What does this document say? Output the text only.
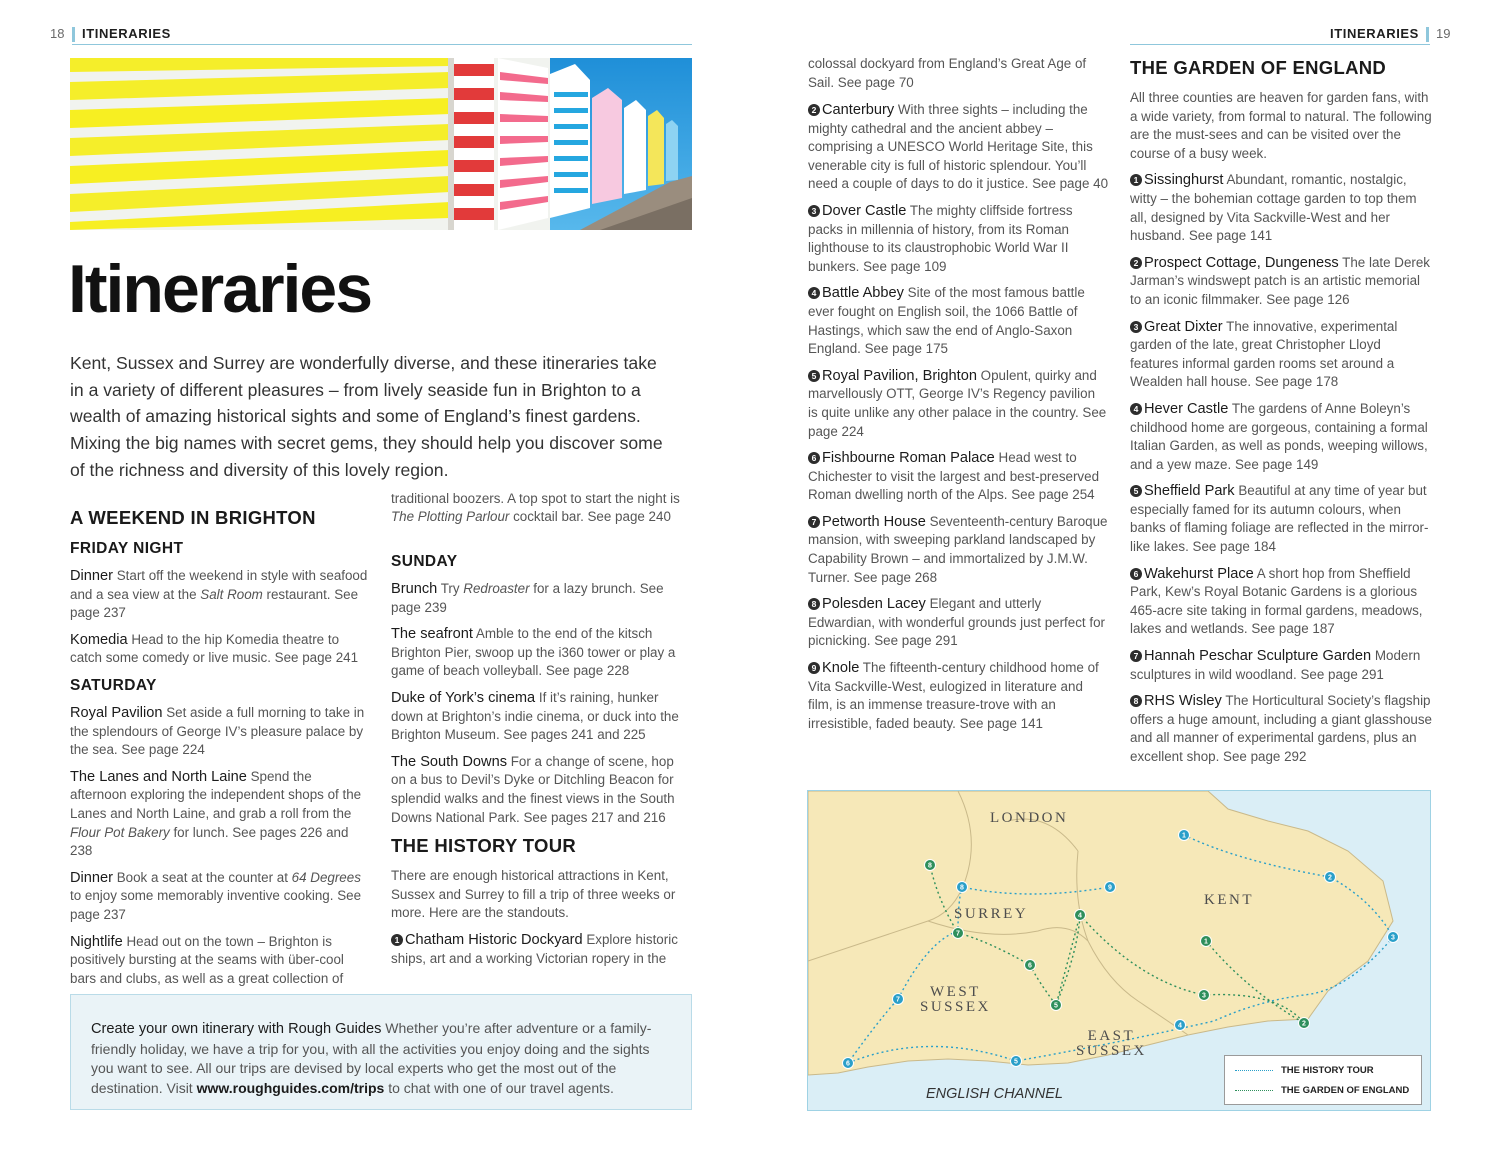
18 ITINERARIES
Itineraries

Kent, Sussex and Surrey are wonderfully diverse, and these itineraries take in a variety of different pleasures – from lively seaside fun in Brighton to a wealth of amazing historical sights and some of England’s finest gardens. Mixing the big names with secret gems, they should help you discover some of the richness and diversity of this lovely region.

A WEEKEND IN BRIGHTON
FRIDAY NIGHT

Dinner Start off the weekend in style with seafood and a sea view at the Salt Room restaurant. See page 237

Komedia Head to the hip Komedia theatre to catch some comedy or live music. See page 241

SATURDAY

Royal Pavilion Set aside a full morning to take in the splendours of George IV’s pleasure palace by the sea. See page 224

The Lanes and North Laine Spend the afternoon exploring the independent shops of the Lanes and North Laine, and grab a roll from the Flour Pot Bakery for lunch. See pages 226 and 238

Dinner Book a seat at the counter at 64 Degrees to enjoy some memorably inventive cooking. See page 237

Nightlife Head out on the town – Brighton is positively bursting at the seams with über-cool bars and clubs, as well as a great collection of

traditional boozers. A top spot to start the night is The Plotting Parlour cocktail bar. See page 240

SUNDAY

Brunch Try Redroaster for a lazy brunch. See page 239

The seafront Amble to the end of the kitsch Brighton Pier, swoop up the i360 tower or play a game of beach volleyball. See page 228

Duke of York’s cinema If it’s raining, hunker down at Brighton’s indie cinema, or duck into the Brighton Museum. See pages 241 and 225

The South Downs For a change of scene, hop on a bus to Devil’s Dyke or Ditchling Beacon for splendid walks and the finest views in the South Downs National Park. See pages 217 and 216

THE HISTORY TOUR

There are enough historical attractions in Kent, Sussex and Surrey to fill a trip of three weeks or more. Here are the standouts.

1 Chatham Historic Dockyard Explore historic ships, art and a working Victorian ropery in the

Create your own itinerary with Rough Guides Whether you’re after adventure or a family-friendly holiday, we have a trip for you, with all the activities you enjoy doing and the sights you want to see. All our trips are devised by local experts who get the most out of the destination. Visit www.roughguides.com/trips to chat with one of our travel agents.
ITINERARIES 19

colossal dockyard from England’s Great Age of Sail. See page 70

2 Canterbury With three sights – including the mighty cathedral and the ancient abbey – comprising a UNESCO World Heritage Site, this venerable city is full of historic splendour. You’ll need a couple of days to do it justice. See page 40

3 Dover Castle The mighty cliffside fortress packs in millennia of history, from its Roman lighthouse to its claustrophobic World War II bunkers. See page 109

4 Battle Abbey Site of the most famous battle ever fought on English soil, the 1066 Battle of Hastings, which saw the end of Anglo-Saxon England. See page 175

5 Royal Pavilion, Brighton Opulent, quirky and marvellously OTT, George IV’s Regency pavilion is quite unlike any other palace in the country. See page 224

6 Fishbourne Roman Palace Head west to Chichester to visit the largest and best-preserved Roman dwelling north of the Alps. See page 254

7 Petworth House Seventeenth-century Baroque mansion, with sweeping parkland landscaped by Capability Brown – and immortalized by J.M.W. Turner. See page 268

8 Polesden Lacey Elegant and utterly Edwardian, with wonderful grounds just perfect for picnicking. See page 291

9 Knole The fifteenth-century childhood home of Vita Sackville-West, eulogized in literature and film, is an immense treasure-trove with an irresistible, faded beauty. See page 141

THE GARDEN OF ENGLAND

All three counties are heaven for garden fans, with a wide variety, from formal to natural. The following are the must-sees and can be visited over the course of a busy week.

1 Sissinghurst Abundant, romantic, nostalgic, witty – the bohemian cottage garden to top them all, designed by Vita Sackville-West and her husband. See page 141

2 Prospect Cottage, Dungeness The late Derek Jarman’s windswept patch is an artistic memorial to an iconic filmmaker. See page 126

3 Great Dixter The innovative, experimental garden of the late, great Christopher Lloyd features informal garden rooms set around a Wealden hall house. See page 178

4 Hever Castle The gardens of Anne Boleyn’s childhood home are gorgeous, containing a formal Italian Garden, as well as ponds, weeping willows, and a yew maze. See page 149

5 Sheffield Park Beautiful at any time of year but especially famed for its autumn colours, when banks of flaming foliage are reflected in the mirror-like lakes. See page 184

6 Wakehurst Place A short hop from Sheffield Park, Kew’s Royal Botanic Gardens is a glorious 465-acre site taking in formal gardens, meadows, lakes and wetlands. See page 187

7 Hannah Peschar Sculpture Garden Modern sculptures in wild woodland. See page 291

8 RHS Wisley The Horticultural Society’s flagship offers a huge amount, including a giant glasshouse and all manner of experimental gardens, plus an excellent shop. See page 292

1
2
3
4
5
6
7
8	9
1
2
3
4
5
6
7
8
LONDON
SURREY
KENT
WEST
SUSSEX
EAST
SUSSEX
ENGLISH CHANNEL
THE HISTORY TOUR
THE GARDEN OF ENGLAND
